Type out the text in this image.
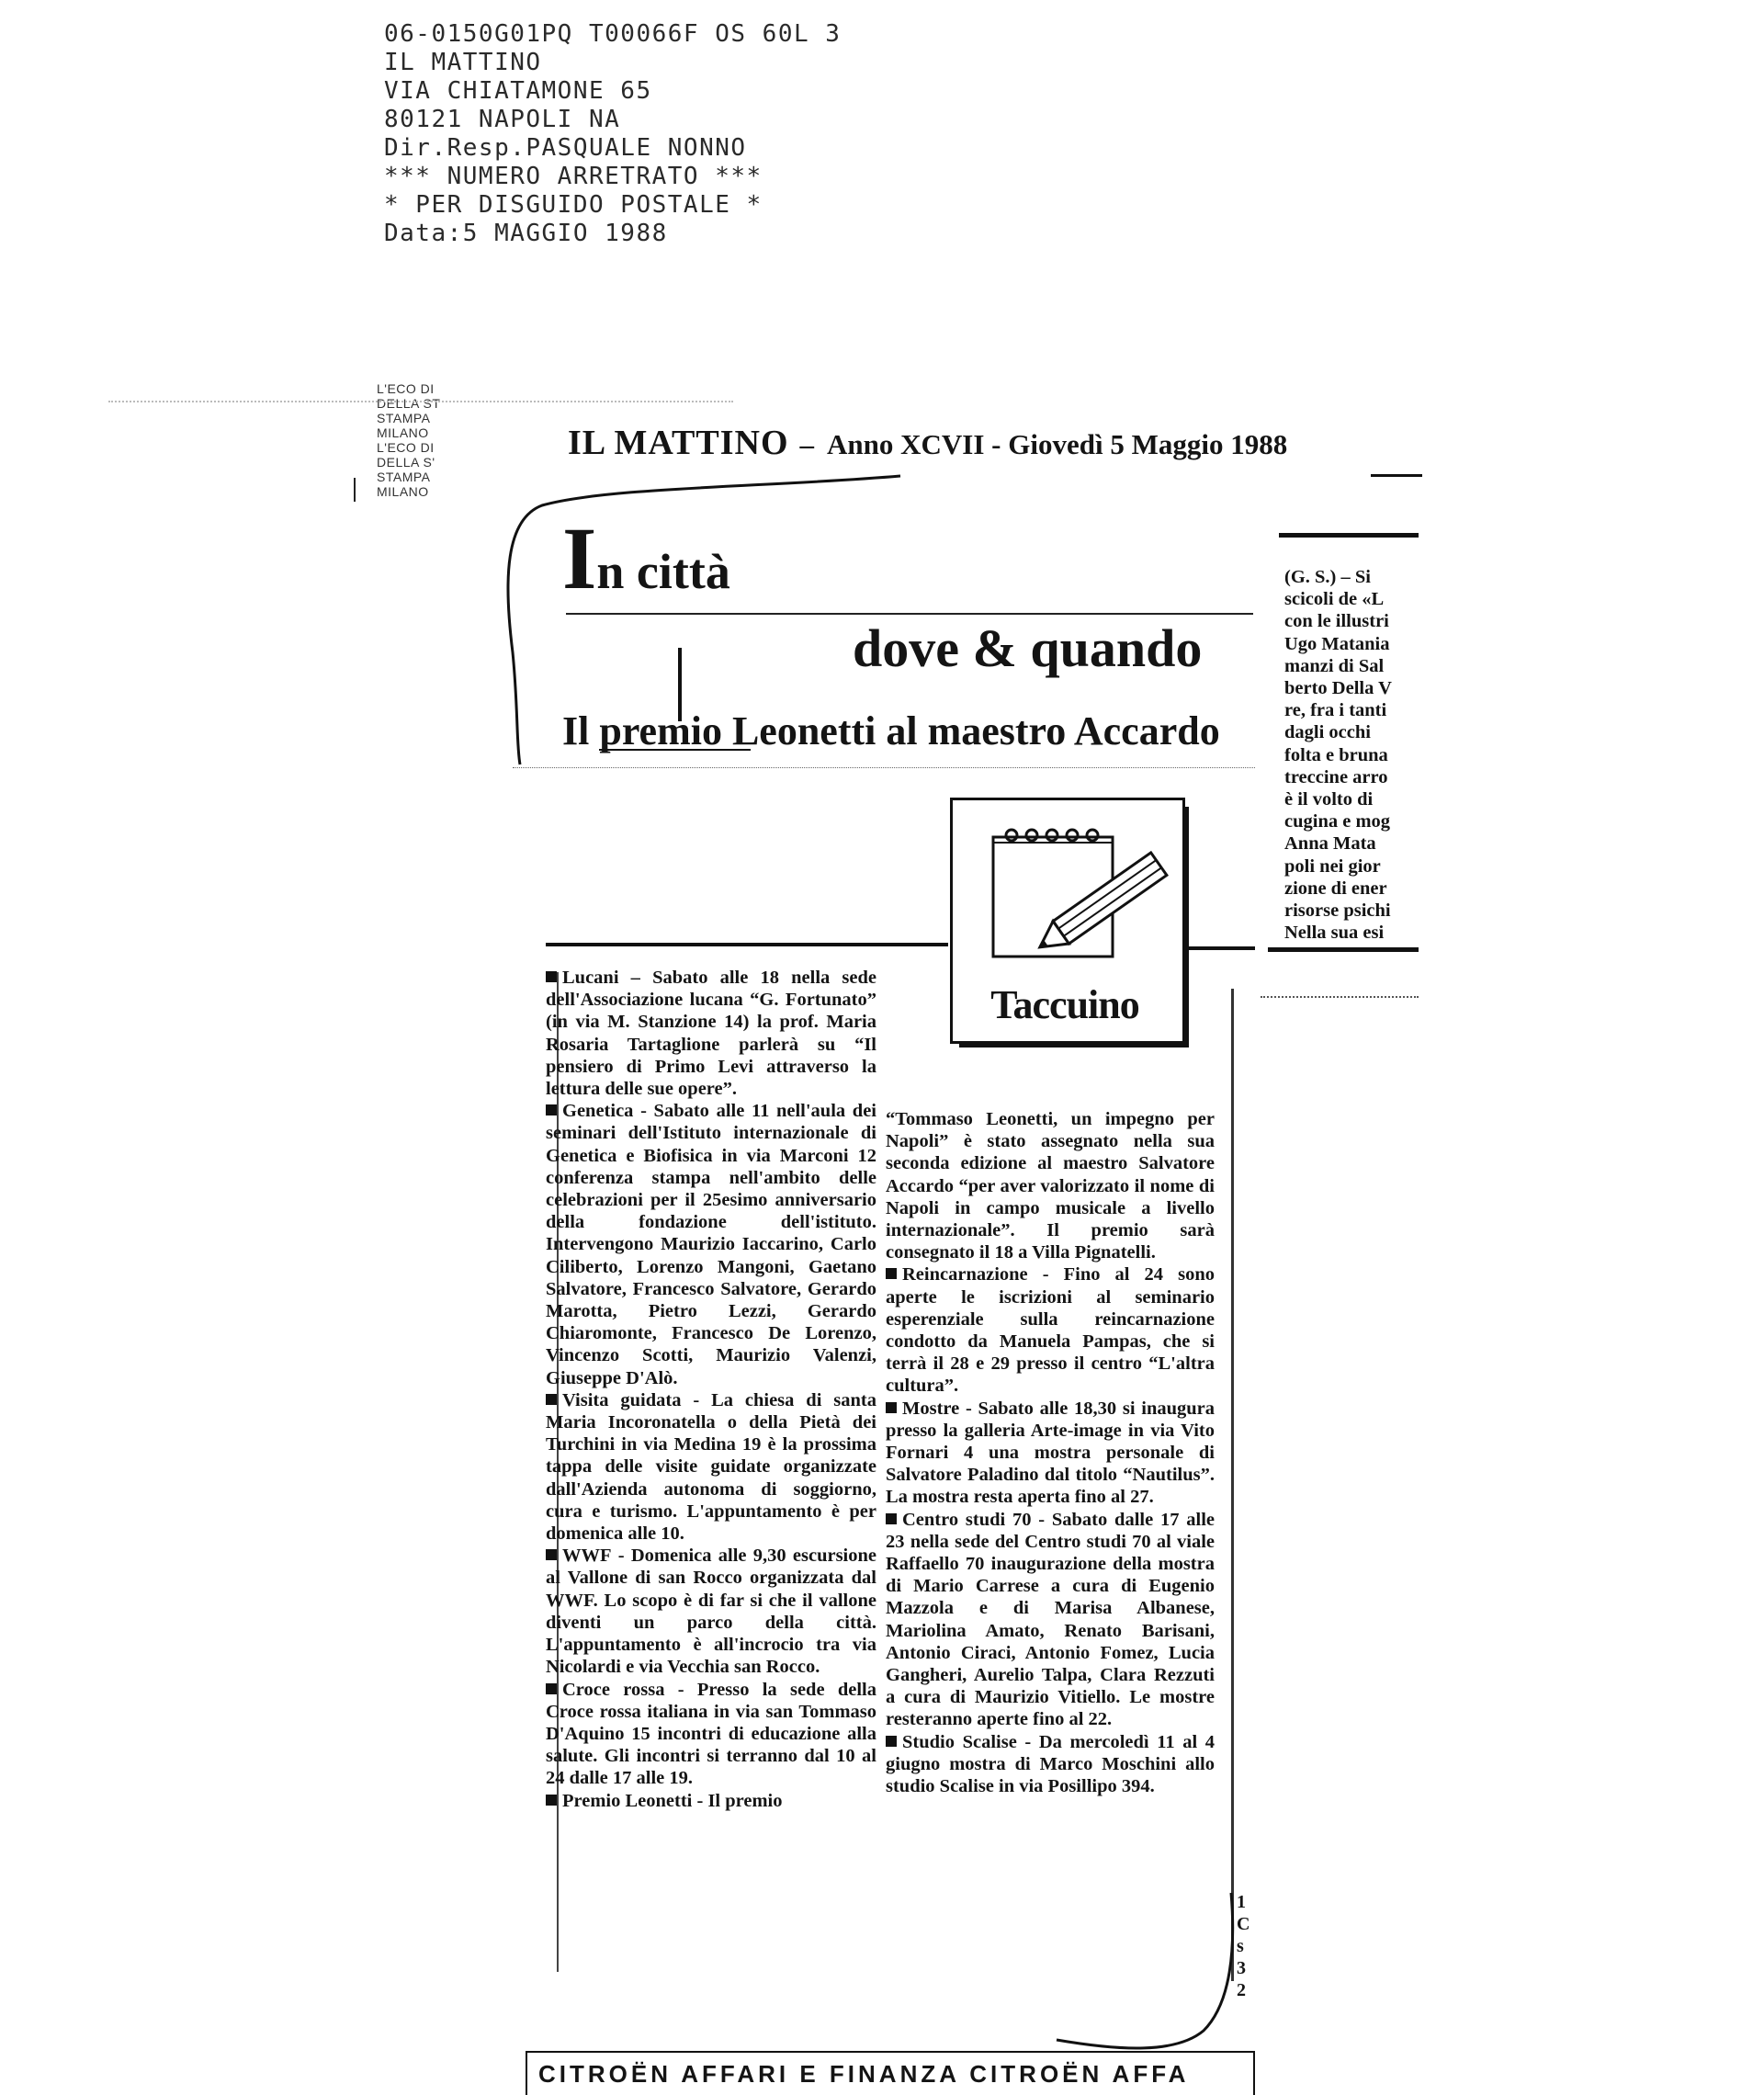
06-0150G01PQ T00066F OS 60L 3
IL MATTINO
VIA CHIATAMONE 65
80121 NAPOLI NA
Dir.Resp.PASQUALE NONNO
*** NUMERO ARRETRATO ***
* PER DISGUIDO POSTALE *
Data:5 MAGGIO 1988
L'ECO DI
DELLA ST
STAMPA
MILANO
L'ECO DI
DELLA S'
STAMPA
MILANO
IL MATTINO – Anno XCVII - Giovedì 5 Maggio 1988
In città
dove & quando
Il premio Leonetti al maestro Accardo
Taccuino

Lucani – Sabato alle 18 nella sede dell'Associazione lucana “G. Fortunato” (in via M. Stanzione 14) la prof. Maria Rosaria Tartaglione parlerà su “Il pensiero di Primo Levi attraverso la lettura delle sue opere”.

Genetica - Sabato alle 11 nell'aula dei seminari dell'Istituto internazionale di Genetica e Biofisica in via Marconi 12 conferenza stampa nell'ambito delle celebrazioni per il 25esimo anniversario della fondazione dell'istituto. Intervengono Maurizio Iaccarino, Carlo Ciliberto, Lorenzo Mangoni, Gaetano Salvatore, Francesco Salvatore, Gerardo Marotta, Pietro Lezzi, Gerardo Chiaromonte, Francesco De Lorenzo, Vincenzo Scotti, Maurizio Valenzi, Giuseppe D'Alò.

Visita guidata - La chiesa di santa Maria Incoronatella o della Pietà dei Turchini in via Medina 19 è la prossima tappa delle visite guidate organizzate dall'Azienda autonoma di soggiorno, cura e turismo. L'appuntamento è per domenica alle 10.

WWF - Domenica alle 9,30 escursione al Vallone di san Rocco organizzata dal WWF. Lo scopo è di far si che il vallone diventi un parco della città. L'appuntamento è all'incrocio tra via Nicolardi e via Vecchia san Rocco.

Croce rossa - Presso la sede della Croce rossa italiana in via san Tommaso D'Aquino 15 incontri di educazione alla salute. Gli incontri si terranno dal 10 al 24 dalle 17 alle 19.

Premio Leonetti - Il premio

“Tommaso Leonetti, un impegno per Napoli” è stato assegnato nella sua seconda edizione al maestro Salvatore Accardo “per aver valorizzato il nome di Napoli in campo musicale a livello internazionale”. Il premio sarà consegnato il 18 a Villa Pignatelli.

Reincarnazione - Fino al 24 sono aperte le iscrizioni al seminario esperenziale sulla reincarnazione condotto da Manuela Pampas, che si terrà il 28 e 29 presso il centro “L'altra cultura”.

Mostre - Sabato alle 18,30 si inaugura presso la galleria Arte-image in via Vito Fornari 4 una mostra personale di Salvatore Paladino dal titolo “Nautilus”. La mostra resta aperta fino al 27.

Centro studi 70 - Sabato dalle 17 alle 23 nella sede del Centro studi 70 al viale Raffaello 70 inaugurazione della mostra di Mario Carrese a cura di Eugenio Mazzola e di Marisa Albanese, Mariolina Amato, Renato Barisani, Antonio Ciraci, Antonio Fomez, Lucia Gangheri, Aurelio Talpa, Clara Rezzuti a cura di Maurizio Vitiello. Le mostre resteranno aperte fino al 22.

Studio Scalise - Da mercoledì 11 al 4 giugno mostra di Marco Moschini allo studio Scalise in via Posillipo 394.

(G. S.) – Si
scicoli de «L
con le illustri
Ugo Matania
manzi di Sal
berto Della V
re, fra i tanti
dagli occhi
folta e bruna
treccine arro
è il volto di
cugina e mog
Anna Mata
poli nei gior
zione di ener
risorse psichi
Nella sua esi
1
C
s
3
2
CITROËN AFFARI E FINANZA CITROËN AFFA
